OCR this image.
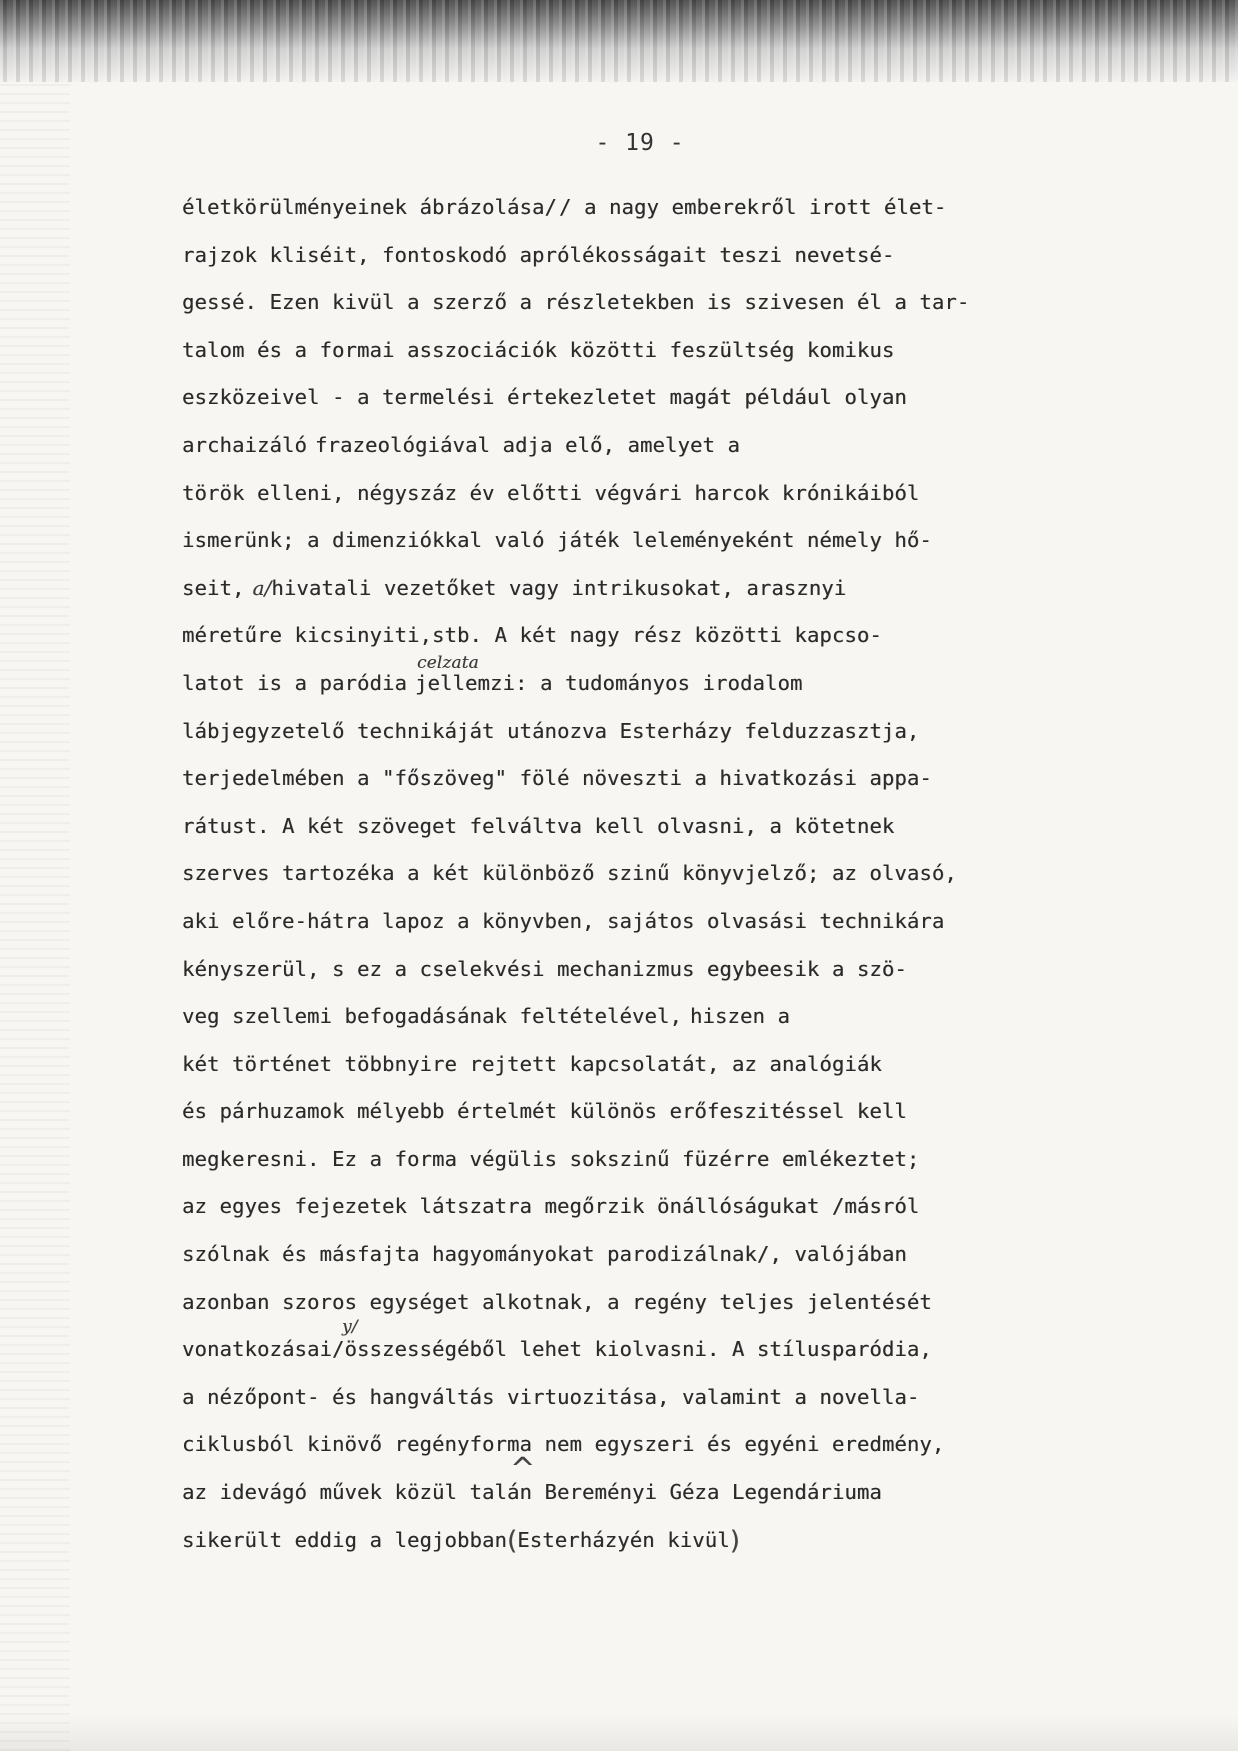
- 19 -
életkörülményeinek ábrázolása// a nagy emberekről irott élet-
rajzok kliséit, fontoskodó aprólékosságait teszi nevetsé-
gessé. Ezen kivül a szerző a részletekben is szivesen él a tar-
talom és a formai asszociációk közötti feszültség komikus
eszközeivel - a termelési értekezletet magát például olyan
archaizáló frazeológiával adja elő, amelyet a
török elleni, négyszáz év előtti végvári harcok krónikáiból
ismerünk; a dimenziókkal való játék leleményeként némely hő-
seit, a/hivatali vezetőket vagy intrikusokat, arasznyi
méretűre kicsinyiti,stb. A két nagy rész közötti kapcso-
latot is a paródia jellemzi: a tudományos irodalom
celzata
lábjegyzetelő technikáját utánozva Esterházy felduzzasztja,
terjedelmében a "főszöveg" fölé növeszti a hivatkozási appa-
rátust. A két szöveget felváltva kell olvasni, a kötetnek
szerves tartozéka a két különböző szinű könyvjelző; az olvasó,
aki előre-hátra lapoz a könyvben, sajátos olvasási technikára
kényszerül, s ez a cselekvési mechanizmus egybeesik a szö-
veg szellemi befogadásának feltételével, hiszen a
két történet többnyire rejtett kapcsolatát, az analógiák
és párhuzamok mélyebb értelmét különös erőfeszitéssel kell
megkeresni. Ez a forma végülis sokszinű füzérre emlékeztet;
az egyes fejezetek látszatra megőrzik önállóságukat /másról
szólnak és másfajta hagyományokat parodizálnak/, valójában
azonban szoros egységet alkotnak, a regény teljes jelentését
vonatkozásai/összességéből lehet kiolvasni. A stílusparódia,
y/
a nézőpont- és hangváltás virtuozitása, valamint a novella-
ciklusból kinövő regényforma nem egyszeri és egyéni eredmény,
az idevágó művek közül talán Bereményi Géza Legendáriuma
^
sikerült eddig a legjobban(Esterházyén kivül)
